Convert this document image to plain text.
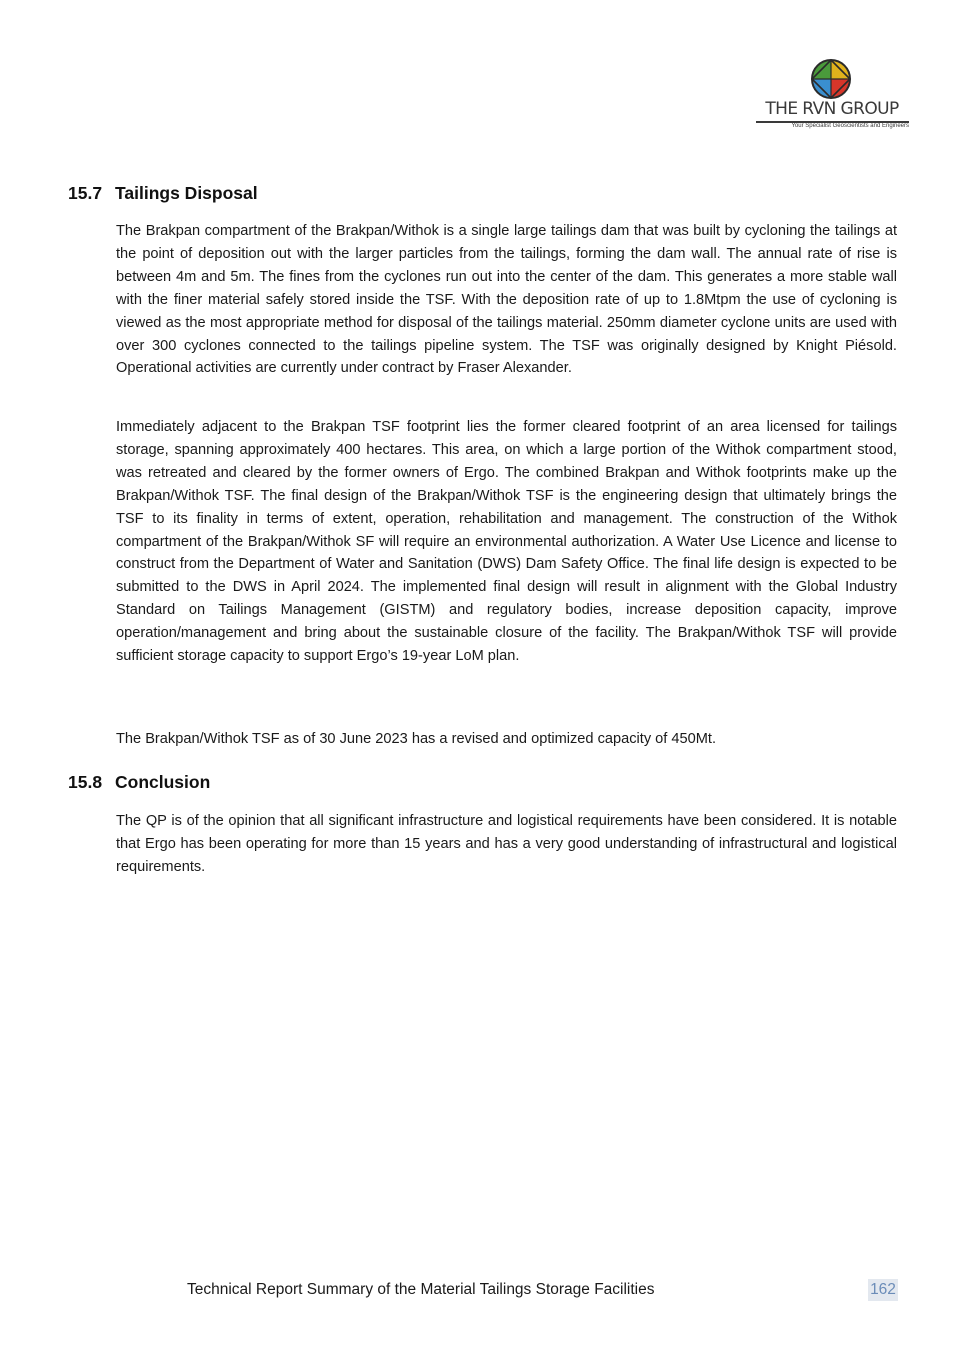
THE RVN GROUP
Your Specialist Geoscientists and Engineers
15.7 Tailings Disposal

The Brakpan compartment of the Brakpan/Withok is a single large tailings dam that was built by cycloning the tailings at the point of deposition out with the larger particles from the tailings, forming the dam wall. The annual rate of rise is between 4m and 5m. The fines from the cyclones run out into the center of the dam. This generates a more stable wall with the finer material safely stored inside the TSF. With the deposition rate of up to 1.8Mtpm the use of cycloning is viewed as the most appropriate method for disposal of the tailings material. 250mm diameter cyclone units are used with over 300 cyclones connected to the tailings pipeline system. The TSF was originally designed by Knight Piésold. Operational activities are currently under contract by Fraser Alexander.

Immediately adjacent to the Brakpan TSF footprint lies the former cleared footprint of an area licensed for tailings storage, spanning approximately 400 hectares. This area, on which a large portion of the Withok compartment stood, was retreated and cleared by the former owners of Ergo. The combined Brakpan and Withok footprints make up the Brakpan/Withok TSF. The final design of the Brakpan/Withok TSF is the engineering design that ultimately brings the TSF to its finality in terms of extent, operation, rehabilitation and management. The construction of the Withok compartment of the Brakpan/Withok SF will require an environmental authorization. A Water Use Licence and license to construct from the Department of Water and Sanitation (DWS) Dam Safety Office. The final life design is expected to be submitted to the DWS in April 2024. The implemented final design will result in alignment with the Global Industry Standard on Tailings Management (GISTM) and regulatory bodies, increase deposition capacity, improve operation/management and bring about the sustainable closure of the facility. The Brakpan/Withok TSF will provide sufficient storage capacity to support Ergo’s 19-year LoM plan.

The Brakpan/Withok TSF as of 30 June 2023 has a revised and optimized capacity of 450Mt.

15.8 Conclusion

The QP is of the opinion that all significant infrastructure and logistical requirements have been considered. It is notable that Ergo has been operating for more than 15 years and has a very good understanding of infrastructural and logistical requirements.

Technical Report Summary of the Material Tailings Storage Facilities	162
